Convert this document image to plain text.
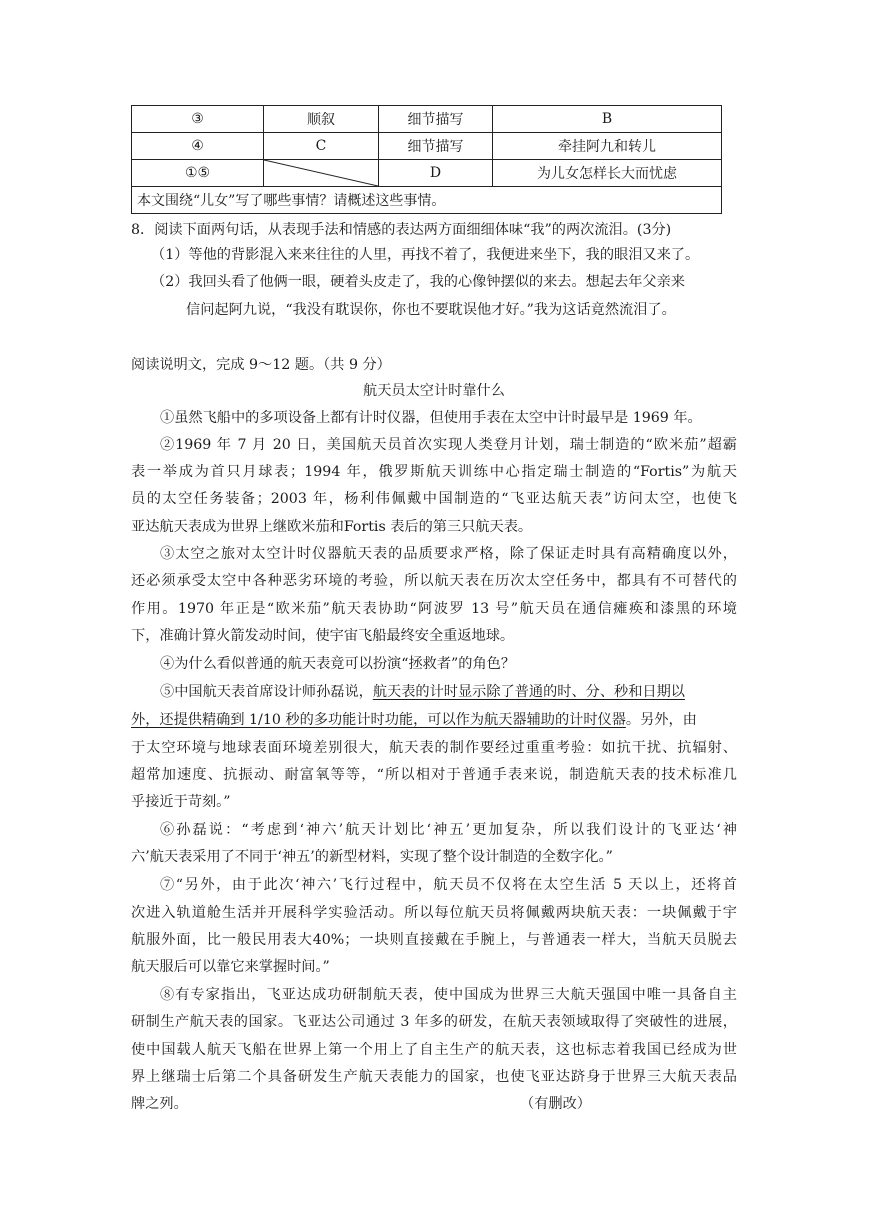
③	顺叙	细节描写	B
④	C	细节描写	牵挂阿九和转儿
①⑤		D	为儿女怎样长大而忧虑
本文围绕“儿女”写了哪些事情？请概述这些事情。			
8．阅读下面两句话，从表现手法和情感的表达两方面细细体味“我”的两次流泪。(3分)
（1）等他的背影混入来来往往的人里，再找不着了，我便进来坐下，我的眼泪又来了。
（2）我回头看了他俩一眼，硬着头皮走了，我的心像钟摆似的来去。想起去年父亲来
信问起阿九说，“我没有耽误你，你也不要耽误他才好。”我为这话竟然流泪了。
阅读说明文，完成 9～12 题。（共 9 分）
航天员太空计时靠什么
①虽然飞船中的多项设备上都有计时仪器，但使用手表在太空中计时最早是 1969 年。
②1969 年 7 月 20 日，美国航天员首次实现人类登月计划，瑞士制造的“欧米茄”超霸
表一举成为首只月球表；1994 年，俄罗斯航天训练中心指定瑞士制造的“Fortis”为航天
员的太空任务装备；2003 年，杨利伟佩戴中国制造的“飞亚达航天表”访问太空，也使飞
亚达航天表成为世界上继欧米茄和Fortis 表后的第三只航天表。
③太空之旅对太空计时仪器航天表的品质要求严格，除了保证走时具有高精确度以外，
还必须承受太空中各种恶劣环境的考验，所以航天表在历次太空任务中，都具有不可替代的
作用。1970 年正是“欧米茄”航天表协助“阿波罗 13 号”航天员在通信瘫痪和漆黑的环境
下，准确计算火箭发动时间，使宇宙飞船最终安全重返地球。
④为什么看似普通的航天表竟可以扮演“拯救者”的角色？
⑤中国航天表首席设计师孙磊说，航天表的计时显示除了普通的时、分、秒和日期以
外，还提供精确到 1/10 秒的多功能计时功能，可以作为航天器辅助的计时仪器。另外，由
于太空环境与地球表面环境差别很大，航天表的制作要经过重重考验：如抗干扰、抗辐射、
超常加速度、抗振动、耐富氧等等，“所以相对于普通手表来说，制造航天表的技术标准几
乎接近于苛刻。”
⑥孙磊说：“考虑到‘神六’航天计划比‘神五’更加复杂，所以我们设计的飞亚达‘神
六’航天表采用了不同于‘神五’的新型材料，实现了整个设计制造的全数字化。”
⑦“另外，由于此次‘神六’飞行过程中，航天员不仅将在太空生活 5 天以上，还将首
次进入轨道舱生活并开展科学实验活动。所以每位航天员将佩戴两块航天表：一块佩戴于宇
航服外面，比一般民用表大40%；一块则直接戴在手腕上，与普通表一样大，当航天员脱去
航天服后可以靠它来掌握时间。”
⑧有专家指出，飞亚达成功研制航天表，使中国成为世界三大航天强国中唯一具备自主
研制生产航天表的国家。飞亚达公司通过 3 年多的研发，在航天表领域取得了突破性的进展，
使中国载人航天飞船在世界上第一个用上了自主生产的航天表，这也标志着我国已经成为世
界上继瑞士后第二个具备研发生产航天表能力的国家，也使飞亚达跻身于世界三大航天表品
牌之列。	（有删改）
